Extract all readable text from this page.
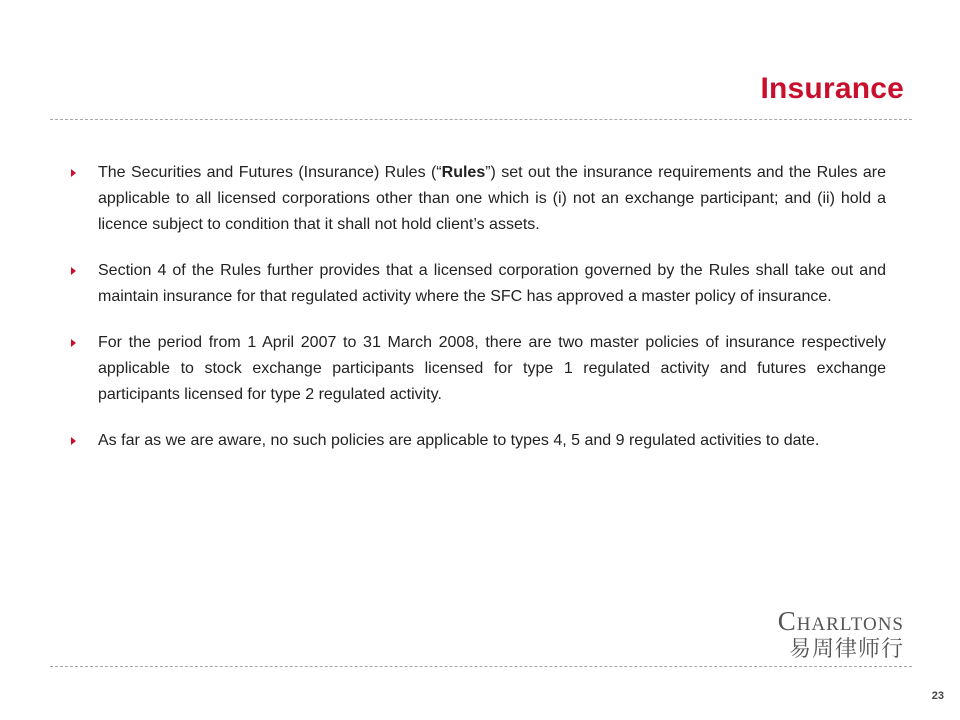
Insurance
The Securities and Futures (Insurance) Rules (“Rules”) set out the insurance requirements and the Rules are applicable to all licensed corporations other than one which is (i) not an exchange participant; and (ii) hold a licence subject to condition that it shall not hold client’s assets.
Section 4 of the Rules further provides that a licensed corporation governed by the Rules shall take out and maintain insurance for that regulated activity where the SFC has approved a master policy of insurance.
For the period from 1 April 2007 to 31 March 2008, there are two master policies of insurance respectively applicable to stock exchange participants licensed for type 1 regulated activity and futures exchange participants licensed for type 2 regulated activity.
As far as we are aware, no such policies are applicable to types 4, 5 and 9 regulated activities to date.
Charltons
易周律师行
23
